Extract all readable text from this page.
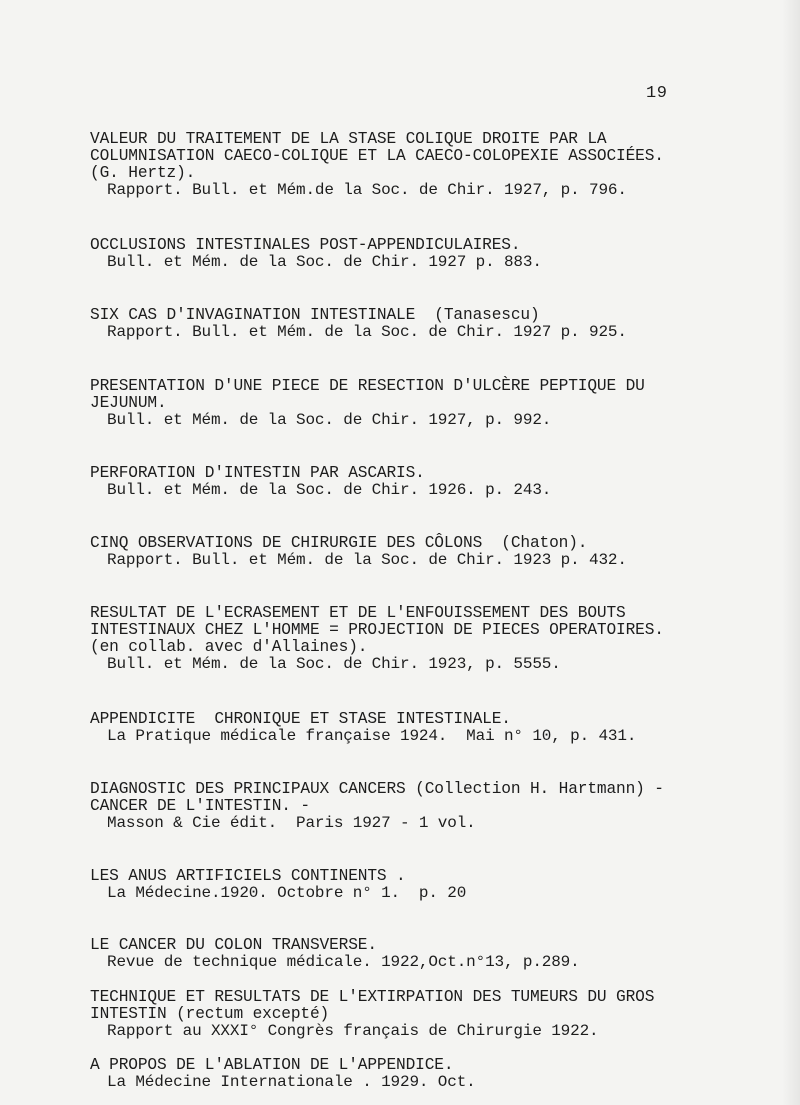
19
VALEUR DU TRAITEMENT DE LA STASE COLIQUE DROITE PAR LA
COLUMNISATION CAECO-COLIQUE ET LA CAECO-COLOPEXIE ASSOCIÉES.
(G. Hertz).
Rapport. Bull. et Mém.de la Soc. de Chir. 1927, p. 796.
OCCLUSIONS INTESTINALES POST-APPENDICULAIRES.
Bull. et Mém. de la Soc. de Chir. 1927 p. 883.
SIX CAS D'INVAGINATION INTESTINALE  (Tanasescu)
Rapport. Bull. et Mém. de la Soc. de Chir. 1927 p. 925.
PRESENTATION D'UNE PIECE DE RESECTION D'ULCÈRE PEPTIQUE DU
JEJUNUM.
Bull. et Mém. de la Soc. de Chir. 1927, p. 992.
PERFORATION D'INTESTIN PAR ASCARIS.
Bull. et Mém. de la Soc. de Chir. 1926. p. 243.
CINQ OBSERVATIONS DE CHIRURGIE DES CÔLONS  (Chaton).
Rapport. Bull. et Mém. de la Soc. de Chir. 1923 p. 432.
RESULTAT DE L'ECRASEMENT ET DE L'ENFOUISSEMENT DES BOUTS
INTESTINAUX CHEZ L'HOMME = PROJECTION DE PIECES OPERATOIRES.
(en collab. avec d'Allaines).
Bull. et Mém. de la Soc. de Chir. 1923, p. 5555.
APPENDICITE  CHRONIQUE ET STASE INTESTINALE.
La Pratique médicale française 1924.  Mai n° 10, p. 431.
DIAGNOSTIC DES PRINCIPAUX CANCERS (Collection H. Hartmann) -
CANCER DE L'INTESTIN. -
Masson & Cie édit.  Paris 1927 - 1 vol.
LES ANUS ARTIFICIELS CONTINENTS .
La Médecine.1920. Octobre n° 1.  p. 20
LE CANCER DU COLON TRANSVERSE.
Revue de technique médicale. 1922,Oct.n°13, p.289.
TECHNIQUE ET RESULTATS DE L'EXTIRPATION DES TUMEURS DU GROS
INTESTIN (rectum excepté)
Rapport au XXXI° Congrès français de Chirurgie 1922.
A PROPOS DE L'ABLATION DE L'APPENDICE.
La Médecine Internationale . 1929. Oct.
